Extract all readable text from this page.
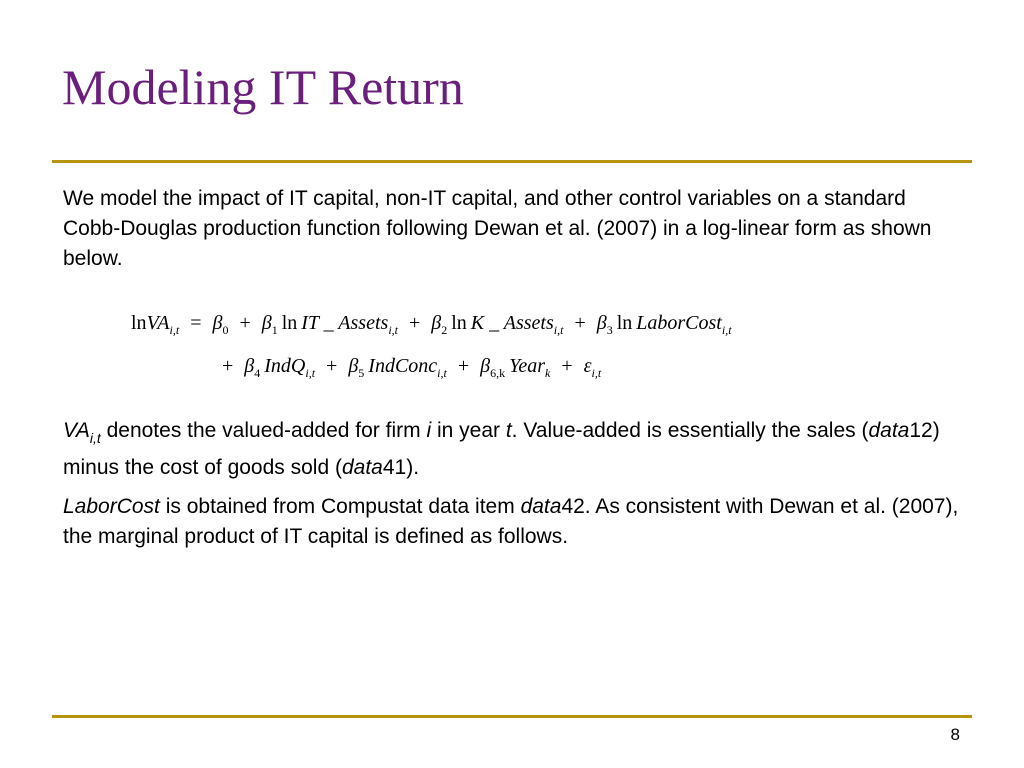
Modeling IT Return
We model the impact of IT capital, non-IT capital, and other control variables on a standard Cobb-Douglas production function following Dewan et al. (2007) in a log-linear form as shown below.
lnVA$_{i,t}$ = $\beta_0 + \beta_1$ ln IT _ Assets$_{i,t}$ + $\beta_2$ ln K _ Assets$_{i,t}$ + $\beta_3$ ln LaborCost$_{i,t}$
+ $\beta_4$ IndQ$_{i,t}$ + $\beta_5$ IndConc$_{i,t}$ + $\beta_{6,k}$ Year$_k$ + $\varepsilon_{i,t}$
$VA_{i,t}$ denotes the valued-added for firm i in year t. Value-added is essentially the sales (data12) minus the cost of goods sold (data41).
LaborCost is obtained from Compustat data item data42. As consistent with Dewan et al. (2007), the marginal product of IT capital is defined as follows.
8
